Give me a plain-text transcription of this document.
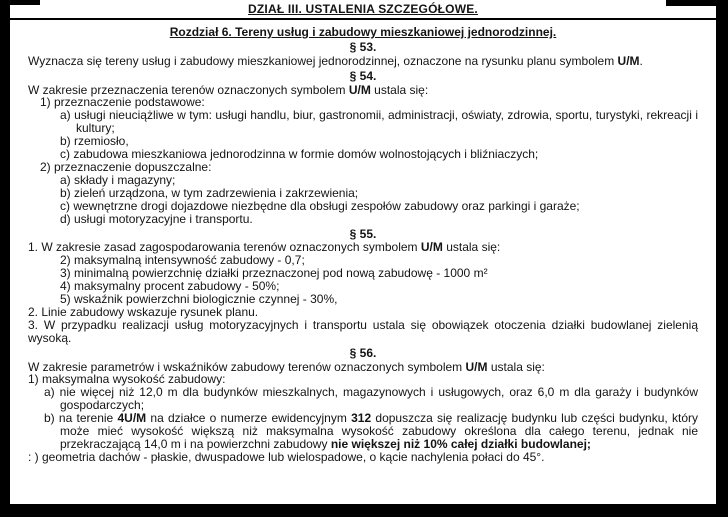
DZIAŁ III. USTALENIA SZCZEGÓŁOWE.
Rozdział 6. Tereny usług i zabudowy mieszkaniowej jednorodzinnej.
§ 53.
Wyznacza się tereny usług i zabudowy mieszkaniowej jednorodzinnej, oznaczone na rysunku planu symbolem U/M.
§ 54.
W zakresie przeznaczenia terenów oznaczonych symbolem U/M ustala się:
1) przeznaczenie podstawowe:
a) usługi nieuciążliwe w tym: usługi handlu, biur, gastronomii, administracji, oświaty, zdrowia, sportu, turystyki, rekreacji i kultury;
b) rzemiosło,
c) zabudowa mieszkaniowa jednorodzinna w formie domów wolnostojących i bliźniaczych;
2) przeznaczenie dopuszczalne:
a) składy i magazyny;
b) zieleń urządzona, w tym zadrzewienia i zakrzewienia;
c) wewnętrzne drogi dojazdowe niezbędne dla obsługi zespołów zabudowy oraz parkingi i garaże;
d) usługi motoryzacyjne i transportu.
§ 55.
1. W zakresie zasad zagospodarowania terenów oznaczonych symbolem U/M ustala się:
2) maksymalną intensywność zabudowy - 0,7;
3) minimalną powierzchnię działki przeznaczonej pod nową zabudowę - 1000 m²
4) maksymalny procent zabudowy - 50%;
5) wskaźnik powierzchni biologicznie czynnej - 30%,
2. Linie zabudowy wskazuje rysunek planu.
3. W przypadku realizacji usług motoryzacyjnych i transportu ustala się obowiązek otoczenia działki budowlanej zielenią wysoką.
§ 56.
W zakresie parametrów i wskaźników zabudowy terenów oznaczonych symbolem U/M ustala się:
1) maksymalna wysokość zabudowy:
a) nie więcej niż 12,0 m dla budynków mieszkalnych, magazynowych i usługowych, oraz 6,0 m dla garaży i budynków gospodarczych;
b) na terenie 4U/M na działce o numerze ewidencyjnym 312 dopuszcza się realizację budynku lub części budynku, który może mieć wysokość większą niż maksymalna wysokość zabudowy określona dla całego terenu, jednak nie przekraczającą 14,0 m i na powierzchni zabudowy nie większej niż 10% całej działki budowlanej;
: ) geometria dachów - płaskie, dwuspadowe lub wielospadowe, o kącie nachylenia połaci do 45°.
